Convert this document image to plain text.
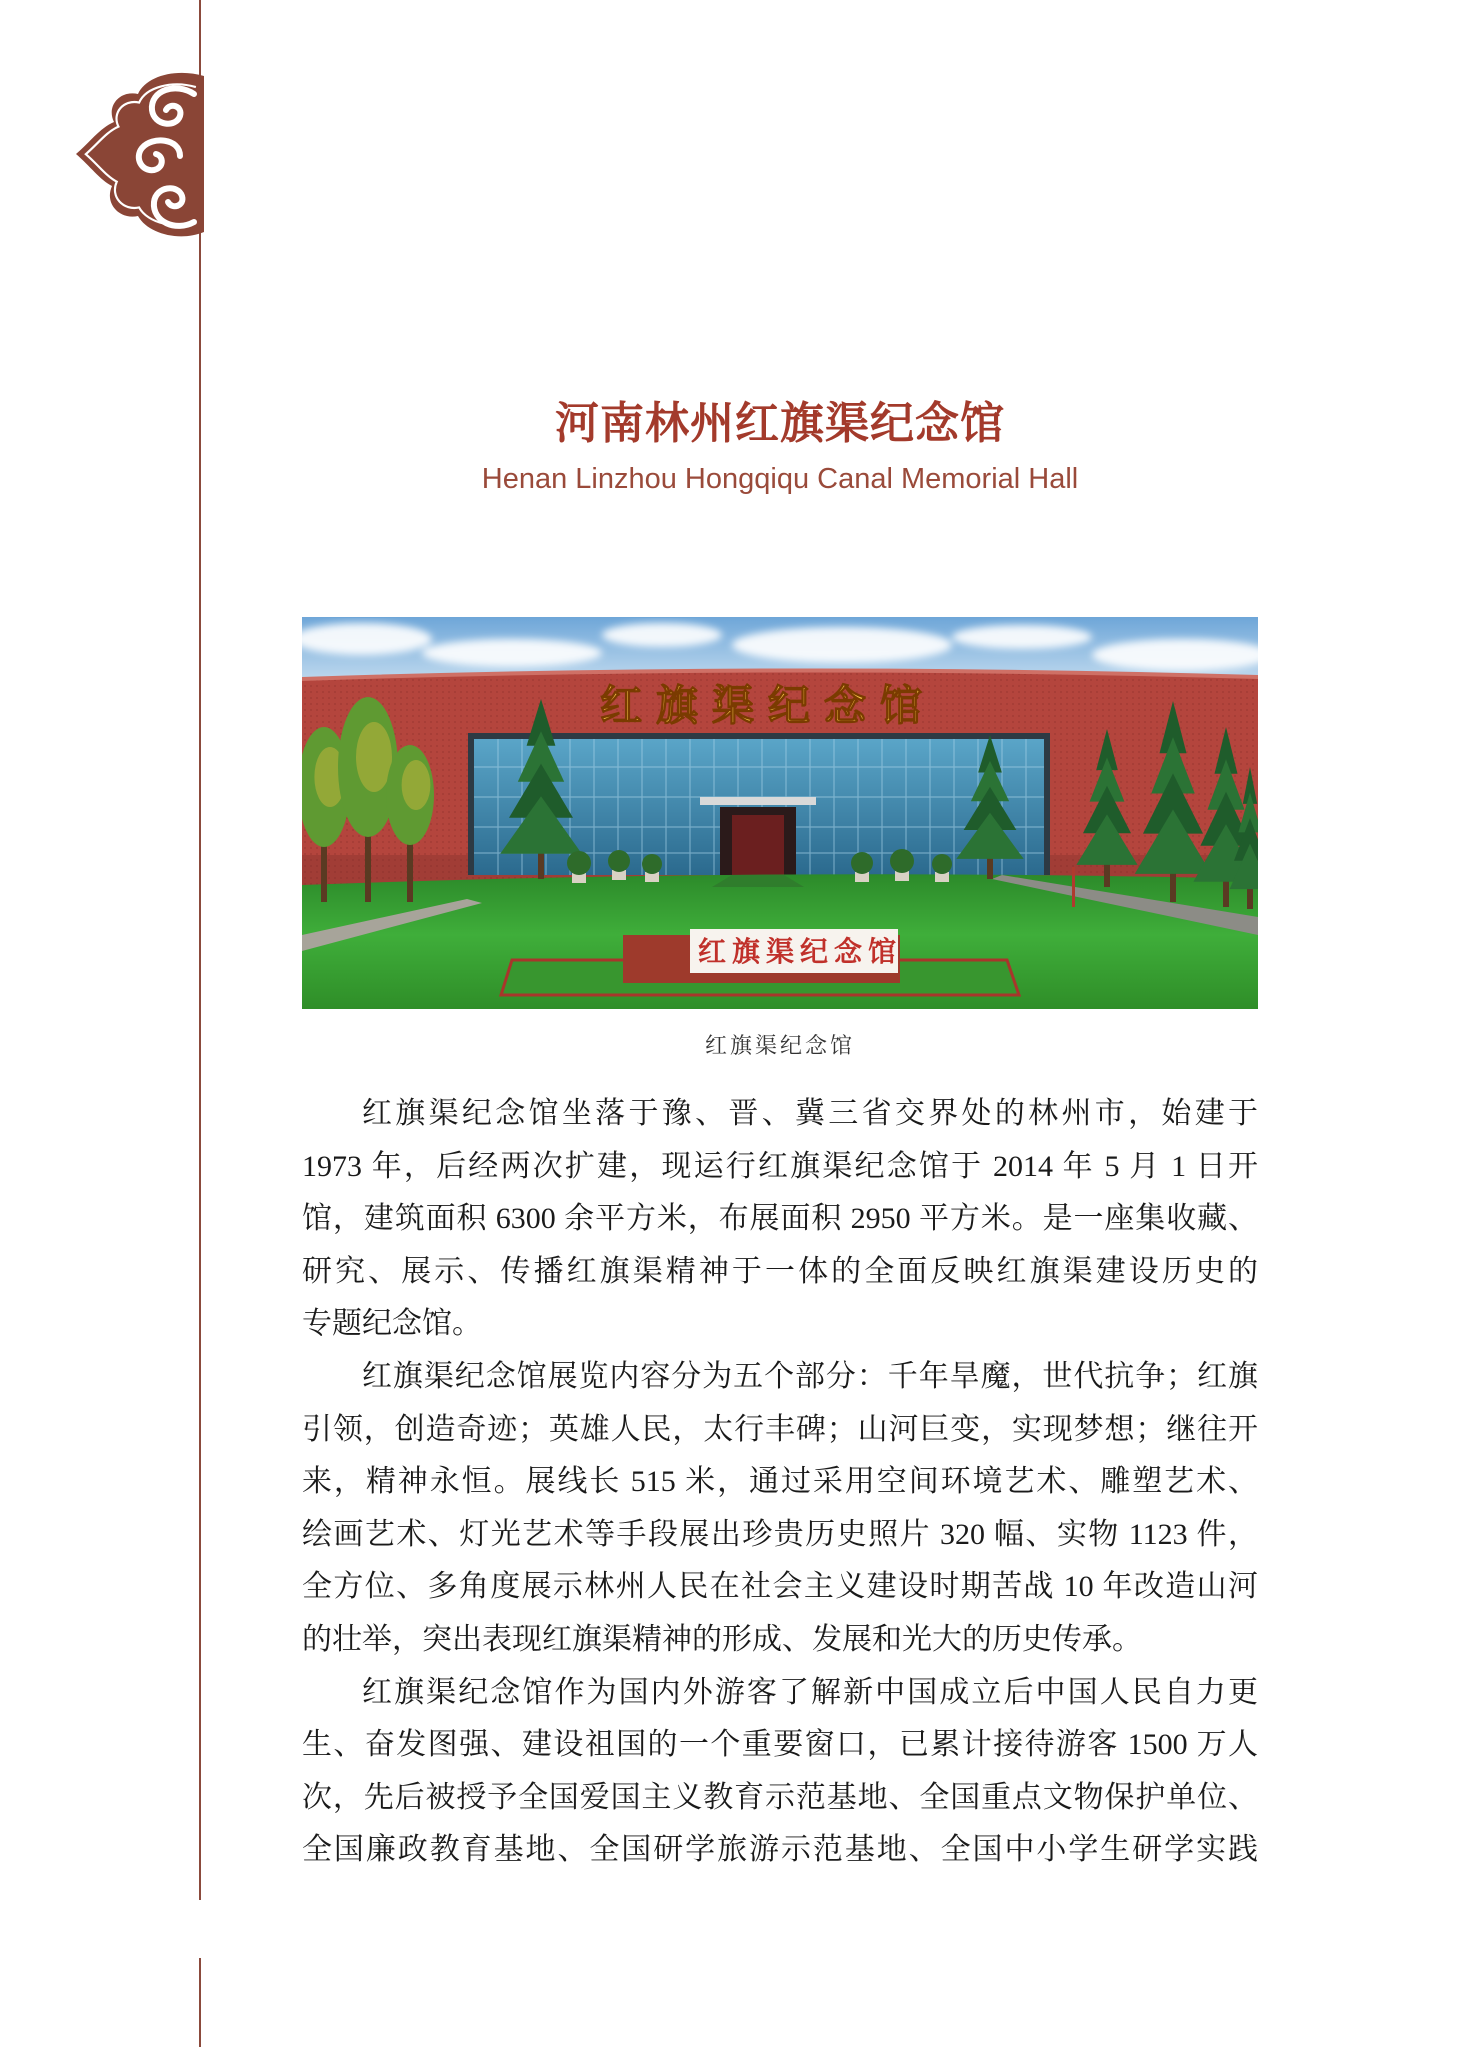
河南林州红旗渠纪念馆
Henan Linzhou Hongqiqu Canal Memorial Hall
红旗渠纪念馆
红旗渠纪念馆
红旗渠纪念馆
红旗渠纪念馆坐落于豫、晋、冀三省交界处的林州市，始建于
1973 年，后经两次扩建，现运行红旗渠纪念馆于 2014 年 5 月 1 日开
馆，建筑面积 6300 余平方米，布展面积 2950 平方米。是一座集收藏、
研究、展示、传播红旗渠精神于一体的全面反映红旗渠建设历史的
专题纪念馆。
红旗渠纪念馆展览内容分为五个部分：千年旱魔，世代抗争；红旗
引领，创造奇迹；英雄人民，太行丰碑；山河巨变，实现梦想；继往开
来，精神永恒。展线长 515 米，通过采用空间环境艺术、雕塑艺术、
绘画艺术、灯光艺术等手段展出珍贵历史照片 320 幅、实物 1123 件，
全方位、多角度展示林州人民在社会主义建设时期苦战 10 年改造山河
的壮举，突出表现红旗渠精神的形成、发展和光大的历史传承。
红旗渠纪念馆作为国内外游客了解新中国成立后中国人民自力更
生、奋发图强、建设祖国的一个重要窗口，已累计接待游客 1500 万人
次，先后被授予全国爱国主义教育示范基地、全国重点文物保护单位、
全国廉政教育基地、全国研学旅游示范基地、全国中小学生研学实践
